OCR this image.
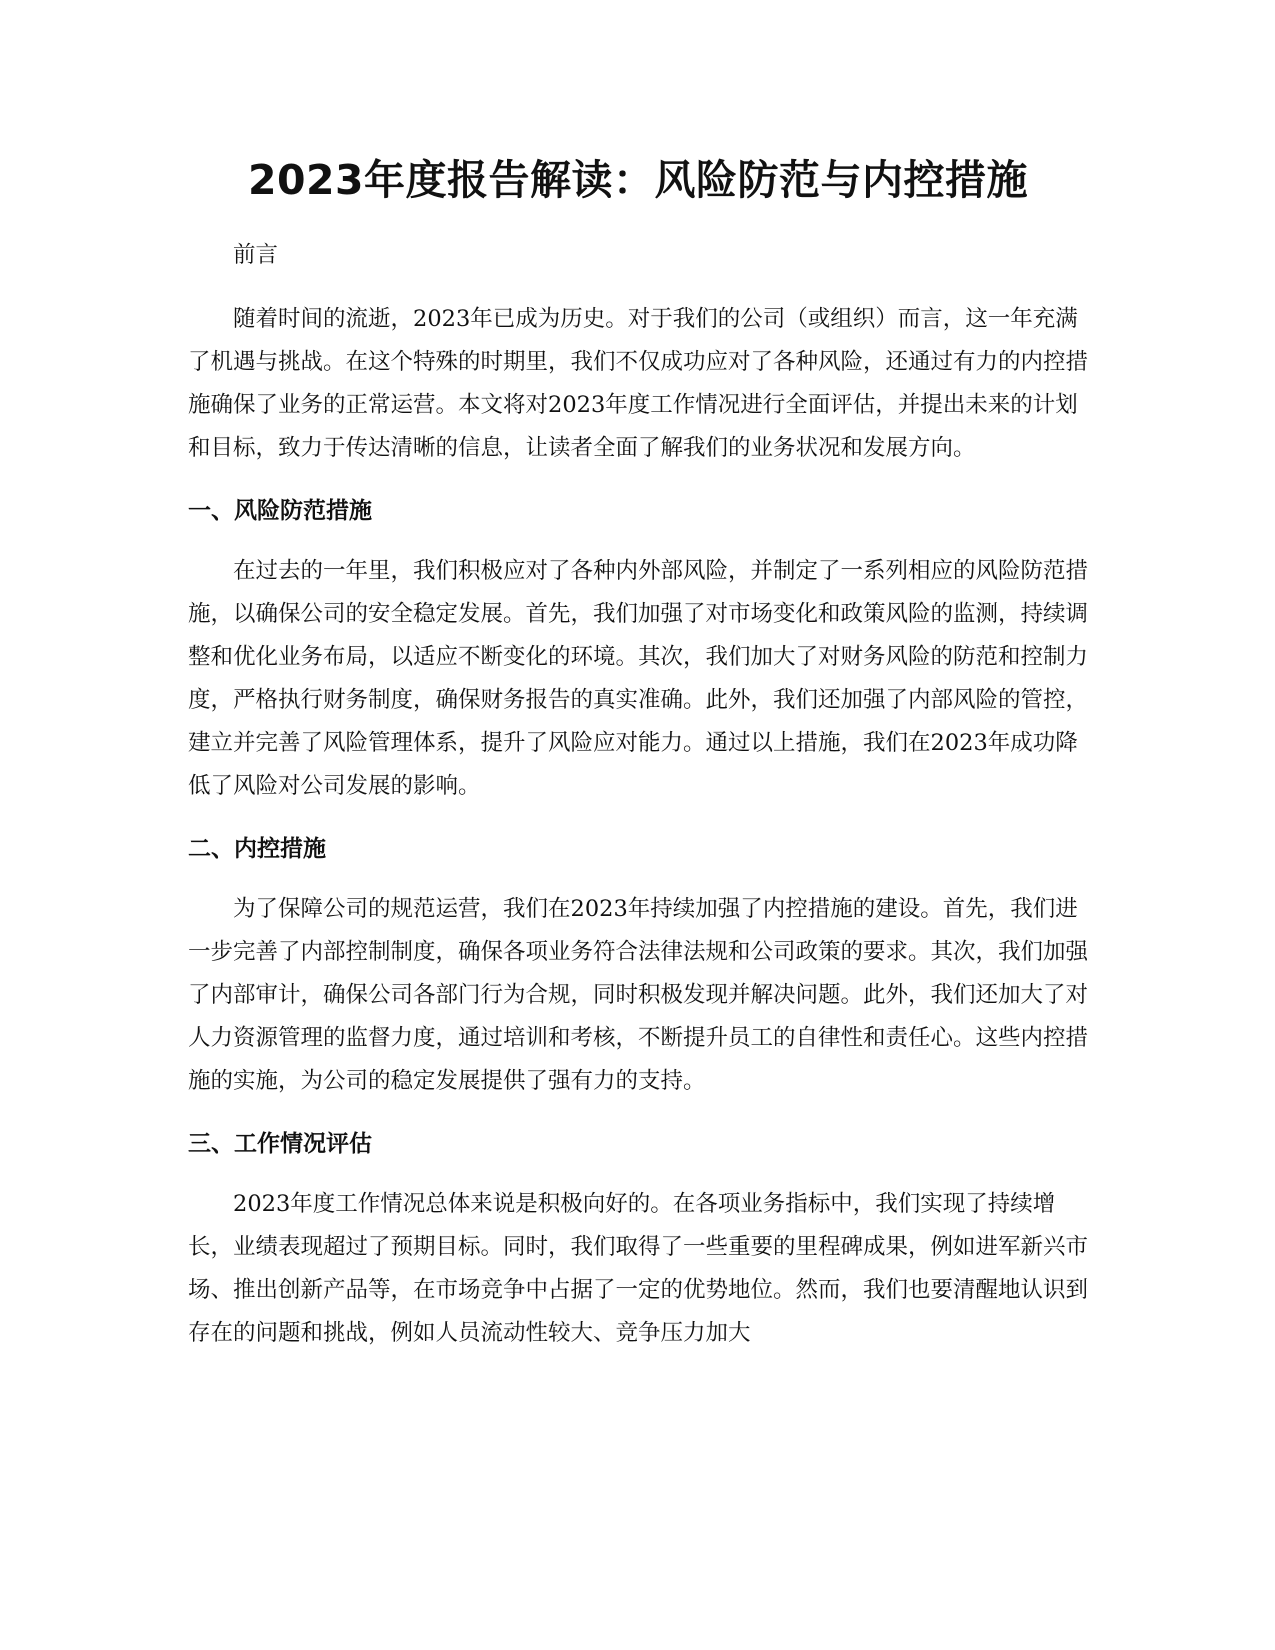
2023年度报告解读：风险防范与内控措施

前言

随着时间的流逝，2023年已成为历史。对于我们的公司（或组织）而言，这一年充满了机遇与挑战。在这个特殊的时期里，我们不仅成功应对了各种风险，还通过有力的内控措施确保了业务的正常运营。本文将对2023年度工作情况进行全面评估，并提出未来的计划和目标，致力于传达清晰的信息，让读者全面了解我们的业务状况和发展方向。

一、风险防范措施

在过去的一年里，我们积极应对了各种内外部风险，并制定了一系列相应的风险防范措施，以确保公司的安全稳定发展。首先，我们加强了对市场变化和政策风险的监测，持续调整和优化业务布局，以适应不断变化的环境。其次，我们加大了对财务风险的防范和控制力度，严格执行财务制度，确保财务报告的真实准确。此外，我们还加强了内部风险的管控，建立并完善了风险管理体系，提升了风险应对能力。通过以上措施，我们在2023年成功降低了风险对公司发展的影响。

二、内控措施

为了保障公司的规范运营，我们在2023年持续加强了内控措施的建设。首先，我们进一步完善了内部控制制度，确保各项业务符合法律法规和公司政策的要求。其次，我们加强了内部审计，确保公司各部门行为合规，同时积极发现并解决问题。此外，我们还加大了对人力资源管理的监督力度，通过培训和考核，不断提升员工的自律性和责任心。这些内控措施的实施，为公司的稳定发展提供了强有力的支持。

三、工作情况评估

2023年度工作情况总体来说是积极向好的。在各项业务指标中，我们实现了持续增长，业绩表现超过了预期目标。同时，我们取得了一些重要的里程碑成果，例如进军新兴市场、推出创新产品等，在市场竞争中占据了一定的优势地位。然而，我们也要清醒地认识到存在的问题和挑战，例如人员流动性较大、竞争压力加大
